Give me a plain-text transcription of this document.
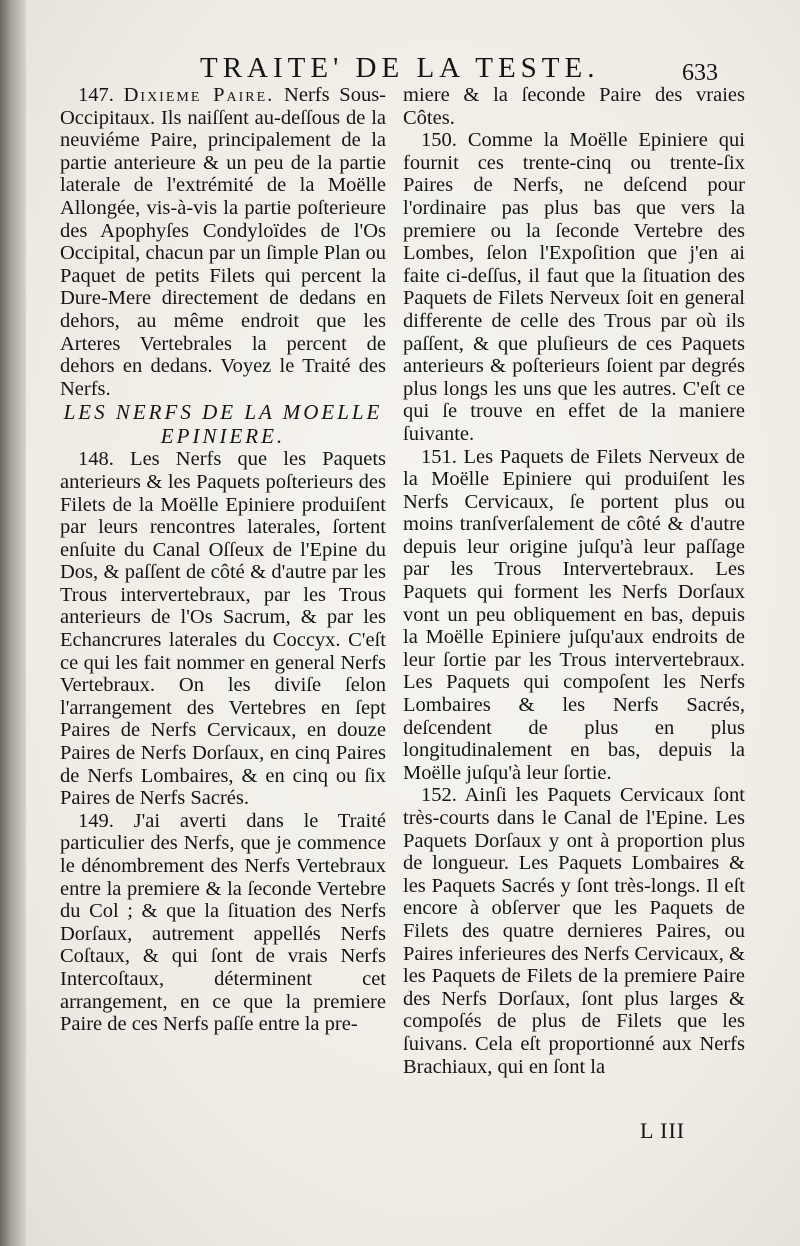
TRAITE' DE LA TESTE.	633

147. Dixieme Paire. Nerfs Sous-Occipitaux. Ils naiſſent au-deſſous de la neuviéme Paire, principalement de la partie anterieure & un peu de la partie laterale de l'extrémité de la Moëlle Allongée, vis-à-vis la partie poſterieure des Apophyſes Condyloïdes de l'Os Occipital, chacun par un ſimple Plan ou Paquet de petits Filets qui percent la Dure-Mere directement de dedans en dehors, au même endroit que les Arteres Vertebrales la percent de dehors en dedans. Voyez le Traité des Nerfs.

LES NERFS DE LA MOELLE EPINIERE.

148. Les Nerfs que les Paquets anterieurs & les Paquets poſterieurs des Filets de la Moëlle Epiniere produiſent par leurs rencontres laterales, ſortent enſuite du Canal Oſſeux de l'Epine du Dos, & paſſent de côté & d'autre par les Trous intervertebraux, par les Trous anterieurs de l'Os Sacrum, & par les Echancrures laterales du Coccyx. C'eſt ce qui les fait nommer en general Nerfs Vertebraux. On les diviſe ſelon l'arrangement des Vertebres en ſept Paires de Nerfs Cervicaux, en douze Paires de Nerfs Dorſaux, en cinq Paires de Nerfs Lombaires, & en cinq ou ſix Paires de Nerfs Sacrés.

149. J'ai averti dans le Traité particulier des Nerfs, que je commence le dénombrement des Nerfs Vertebraux entre la premiere & la ſeconde Vertebre du Col ; & que la ſituation des Nerfs Dorſaux, autrement appellés Nerfs Coſtaux, & qui ſont de vrais Nerfs Intercoſtaux, déterminent cet arrangement, en ce que la premiere Paire de ces Nerfs paſſe entre la pre-

miere & la ſeconde Paire des vraies Côtes.

150. Comme la Moëlle Epiniere qui fournit ces trente-cinq ou trente-ſix Paires de Nerfs, ne deſcend pour l'ordinaire pas plus bas que vers la premiere ou la ſeconde Vertebre des Lombes, ſelon l'Expoſition que j'en ai faite ci-deſſus, il faut que la ſituation des Paquets de Filets Nerveux ſoit en general differente de celle des Trous par où ils paſſent, & que pluſieurs de ces Paquets anterieurs & poſterieurs ſoient par degrés plus longs les uns que les autres. C'eſt ce qui ſe trouve en effet de la maniere ſuivante.

151. Les Paquets de Filets Nerveux de la Moëlle Epiniere qui produiſent les Nerfs Cervicaux, ſe portent plus ou moins tranſverſalement de côté & d'autre depuis leur origine juſqu'à leur paſſage par les Trous Intervertebraux. Les Paquets qui forment les Nerfs Dorſaux vont un peu obliquement en bas, depuis la Moëlle Epiniere juſqu'aux endroits de leur ſortie par les Trous intervertebraux. Les Paquets qui compoſent les Nerfs Lombaires & les Nerfs Sacrés, deſcendent de plus en plus longitudinalement en bas, depuis la Moëlle juſqu'à leur ſortie.

152. Ainſi les Paquets Cervicaux ſont très-courts dans le Canal de l'Epine. Les Paquets Dorſaux y ont à proportion plus de longueur. Les Paquets Lombaires & les Paquets Sacrés y ſont très-longs. Il eſt encore à obſerver que les Paquets de Filets des quatre dernieres Paires, ou Paires inferieures des Nerfs Cervicaux, & les Paquets de Filets de la premiere Paire des Nerfs Dorſaux, ſont plus larges & compoſés de plus de Filets que les ſuivans. Cela eſt proportionné aux Nerfs Brachiaux, qui en ſont la

L III
